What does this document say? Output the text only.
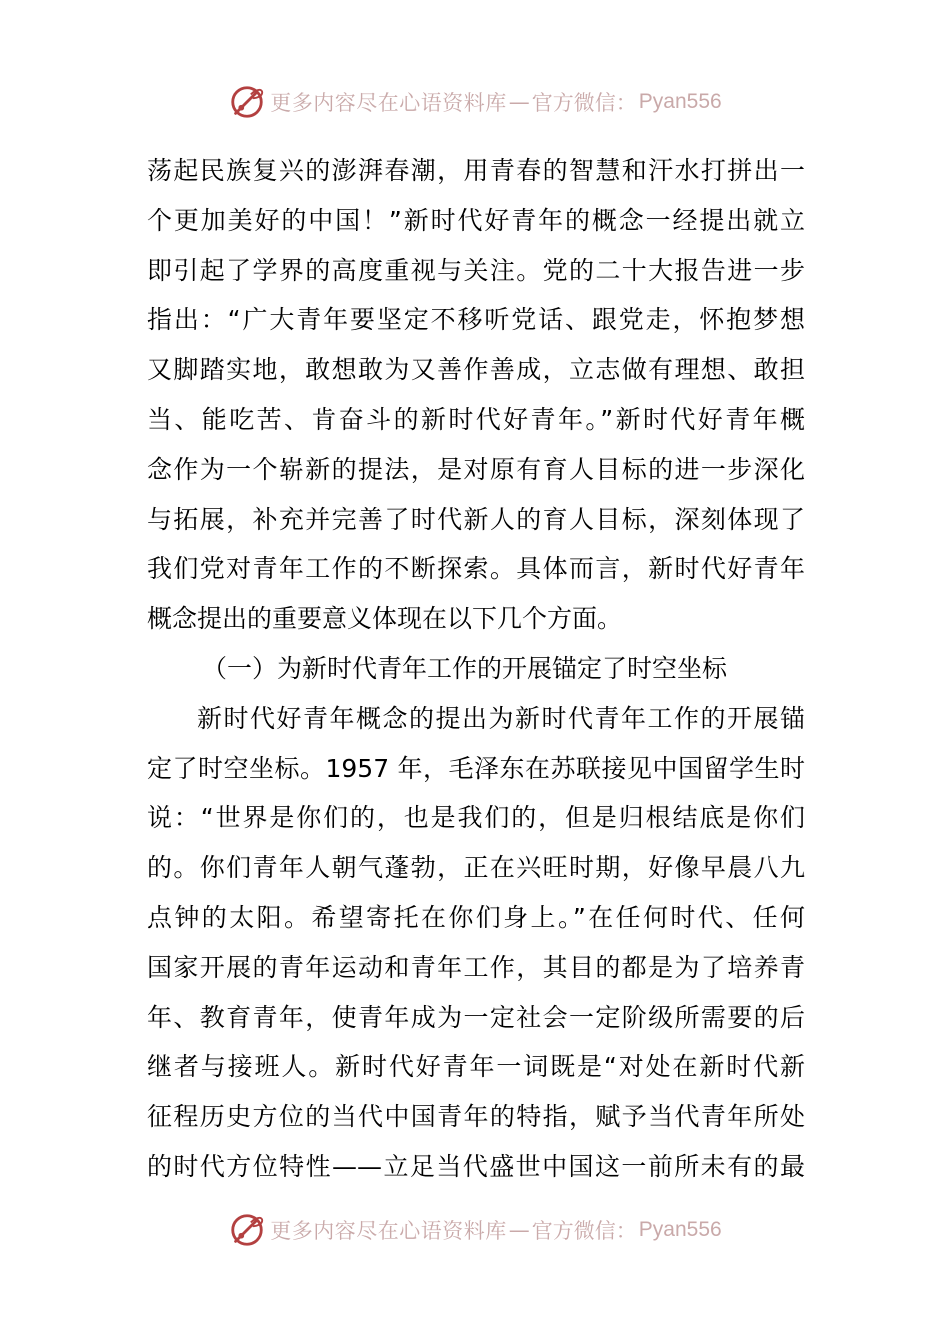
更多内容尽在心语资料库 — 官方微信： Pyan556
荡起民族复兴的澎湃春潮，用青春的智慧和汗水打拼出一
个更加美好的中国！”新时代好青年的概念一经提出就立
即引起了学界的高度重视与关注。党的二十大报告进一步
指出：“广大青年要坚定不移听党话、跟党走，怀抱梦想
又脚踏实地，敢想敢为又善作善成，立志做有理想、敢担
当、能吃苦、肯奋斗的新时代好青年。”新时代好青年概
念作为一个崭新的提法，是对原有育人目标的进一步深化
与拓展，补充并完善了时代新人的育人目标，深刻体现了
我们党对青年工作的不断探索。具体而言，新时代好青年
概念提出的重要意义体现在以下几个方面。
（一）为新时代青年工作的开展锚定了时空坐标
新时代好青年概念的提出为新时代青年工作的开展锚
定了时空坐标。1957 年，毛泽东在苏联接见中国留学生时
说：“世界是你们的，也是我们的，但是归根结底是你们
的。你们青年人朝气蓬勃，正在兴旺时期，好像早晨八九
点钟的太阳。希望寄托在你们身上。”在任何时代、任何
国家开展的青年运动和青年工作，其目的都是为了培养青
年、教育青年，使青年成为一定社会一定阶级所需要的后
继者与接班人。新时代好青年一词既是“对处在新时代新
征程历史方位的当代中国青年的特指，赋予当代青年所处
的时代方位特性——立足当代盛世中国这一前所未有的最
更多内容尽在心语资料库 — 官方微信： Pyan556
